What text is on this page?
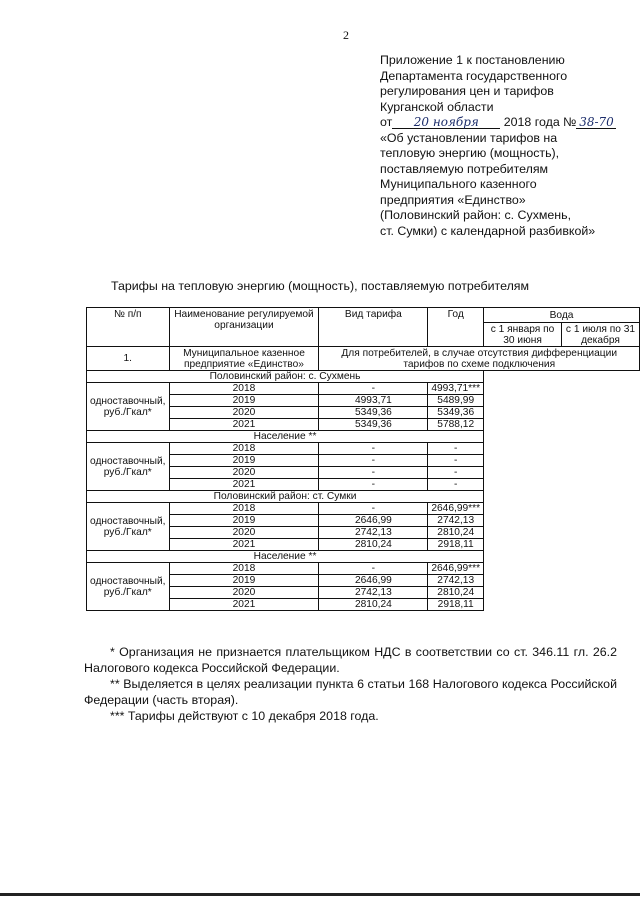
2
Приложение 1 к постановлению
Департамента государственного
регулирования цен и тарифов
Курганской области
от 20 ноября 2018 года № 38-70
«Об установлении тарифов на
тепловую энергию (мощность),
поставляемую потребителям
Муниципального казенного
предприятия «Единство»
(Половинский район: с. Сухмень,
ст. Сумки) с календарной разбивкой»
Тарифы на тепловую энергию (мощность), поставляемую потребителям
№ п/п	Наименование регулируемой организации	Вид тарифа	Год	Вода	
				с 1 января по 30 июня	с 1 июля по 31 декабря
1.	Муниципальное казенное предприятие «Единство»	Для потребителей, в случае отсутствия дифференциации тарифов по схеме подключения			
Половинский район: с. Сухмень					
одноставочный, руб./Гкал*	2018	-	4993,71***		
	2019	4993,71	5489,99		
	2020	5349,36	5349,36		
	2021	5349,36	5788,12		
Население **					
одноставочный, руб./Гкал*	2018	-	-		
	2019	-	-		
	2020	-	-		
	2021	-	-		
Половинский район: ст. Сумки					
одноставочный, руб./Гкал*	2018	-	2646,99***		
	2019	2646,99	2742,13		
	2020	2742,13	2810,24		
	2021	2810,24	2918,11		
Население **					
одноставочный, руб./Гкал*	2018	-	2646,99***		
	2019	2646,99	2742,13		
	2020	2742,13	2810,24		
	2021	2810,24	2918,11		

* Организация не признается плательщиком НДС в соответствии со ст. 346.11 гл. 26.2 Налогового кодекса Российской Федерации.

** Выделяется в целях реализации пункта 6 статьи 168 Налогового кодекса Российской Федерации (часть вторая).

*** Тарифы действуют с 10 декабря 2018 года.
